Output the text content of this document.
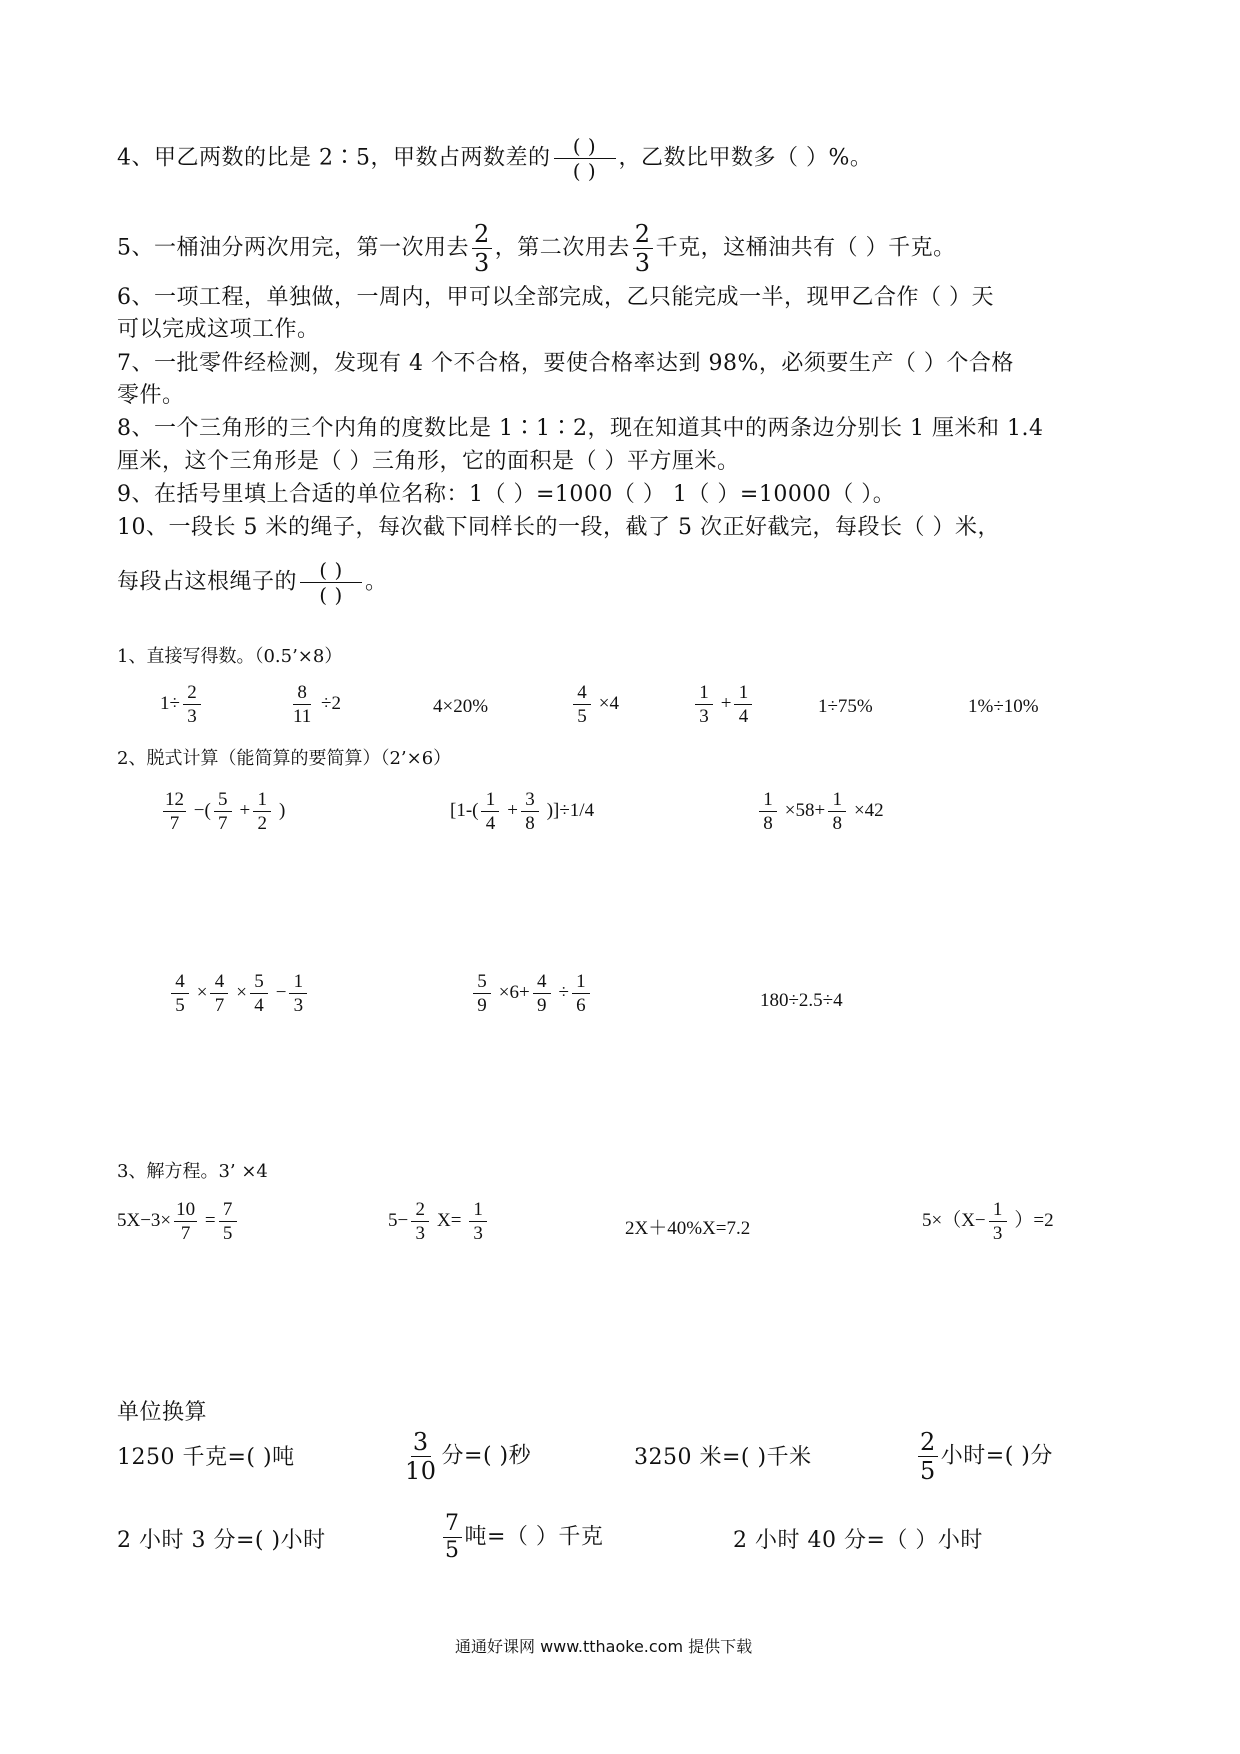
4、甲乙两数的比是 2∶5，甲数占两数差的 $\frac{( )}{( )}$ ，乙数比甲数多（ ）%。
5、一桶油分两次用完，第一次用去 $\frac{2}{3}$ ，第二次用去 $\frac{2}{3}$ 千克，这桶油共有（ ）千克。
6、一项工程，单独做，一周内，甲可以全部完成，乙只能完成一半，现甲乙合作（ ）天
可以完成这项工作。
7、一批零件经检测，发现有 4 个不合格，要使合格率达到 98%，必须要生产（ ）个合格
零件。
8、一个三角形的三个内角的度数比是 1∶1∶2，现在知道其中的两条边分别长 1 厘米和 1.4
厘米，这个三角形是（ ）三角形，它的面积是（ ）平方厘米。
9、在括号里填上合适的单位名称：1（ ）=1000（ ） 1（ ）=10000（ ）。
10、一段长 5 米的绳子，每次截下同样长的一段，截了 5 次正好截完，每段长（ ）米，
每段占这根绳子的 $\frac{( )}{( )}$ 。
1、直接写得数。（0.5’×8）
$1\div \frac{2}{3}$	$\frac{8}{11} \div 2$	4×20%	$\frac{4}{5} \times 4$	$\frac{1}{3} + \frac{1}{4}$	1÷75%	1%÷10%
2、脱式计算（能简算的要简算）（2’×6）
$\frac{12}{7}$ −( $\frac{5}{7} + \frac{1}{2}$ )	$[1-( \frac{1}{4} + \frac{3}{8} )]\div 1/4$	$\frac{1}{8} \times 58+ \frac{1}{8} \times 42$
$\frac{4}{5} \times \frac{4}{7} \times \frac{5}{4} - \frac{1}{3}$	$\frac{5}{9} \times 6+ \frac{4}{9} \div \frac{1}{6}$	180÷2.5÷4
3、解方程。3’ ×4
$5X-3\times \frac{10}{7} = \frac{7}{5}$	$5- \frac{2}{3} X= \frac{1}{3}$	2X＋40%X=7.2	$5\times(X- \frac{1}{3} )=2$
单位换算
1250 千克=( )吨	$\frac{3}{10}$ 分=( )秒	3250 米=( )千米	$\frac{2}{5}$ 小时=( )分
2 小时 3 分=( )小时	$\frac{7}{5}$ 吨=（ ）千克	2 小时 40 分=（ ）小时
通通好课网 www.tthaoke.com 提供下载
